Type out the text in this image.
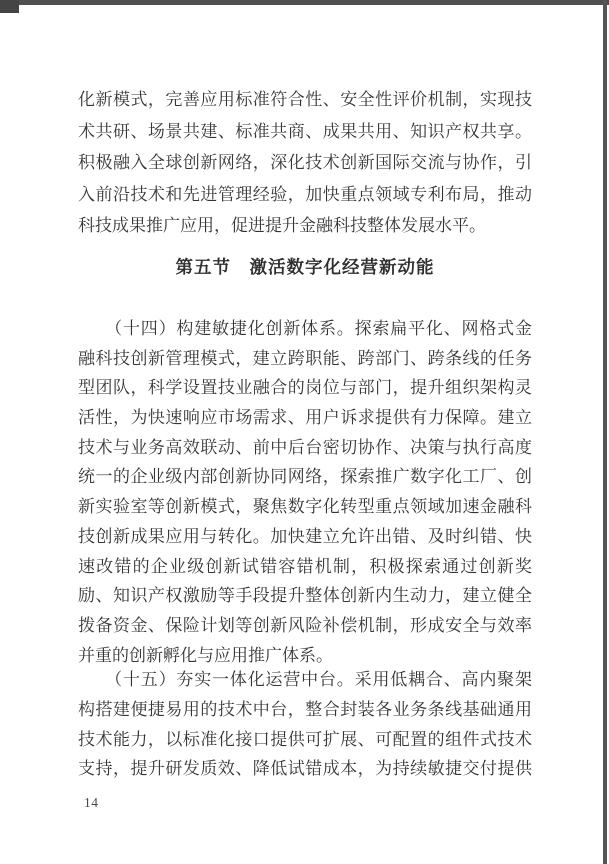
化新模式，完善应用标准符合性、安全性评价机制，实现技
术共研、场景共建、标准共商、成果共用、知识产权共享。
积极融入全球创新网络，深化技术创新国际交流与协作，引
入前沿技术和先进管理经验，加快重点领域专利布局，推动
科技成果推广应用，促进提升金融科技整体发展水平。
第五节　激活数字化经营新动能
　　（十四）构建敏捷化创新体系。探索扁平化、网格式金
融科技创新管理模式，建立跨职能、跨部门、跨条线的任务
型团队，科学设置技业融合的岗位与部门，提升组织架构灵
活性，为快速响应市场需求、用户诉求提供有力保障。建立
技术与业务高效联动、前中后台密切协作、决策与执行高度
统一的企业级内部创新协同网络，探索推广数字化工厂、创
新实验室等创新模式，聚焦数字化转型重点领域加速金融科
技创新成果应用与转化。加快建立允许出错、及时纠错、快
速改错的企业级创新试错容错机制，积极探索通过创新奖
励、知识产权激励等手段提升整体创新内生动力，建立健全
拨备资金、保险计划等创新风险补偿机制，形成安全与效率
并重的创新孵化与应用推广体系。
　　（十五）夯实一体化运营中台。采用低耦合、高内聚架
构搭建便捷易用的技术中台，整合封装各业务条线基础通用
技术能力，以标准化接口提供可扩展、可配置的组件式技术
支持，提升研发质效、降低试错成本，为持续敏捷交付提供
14
